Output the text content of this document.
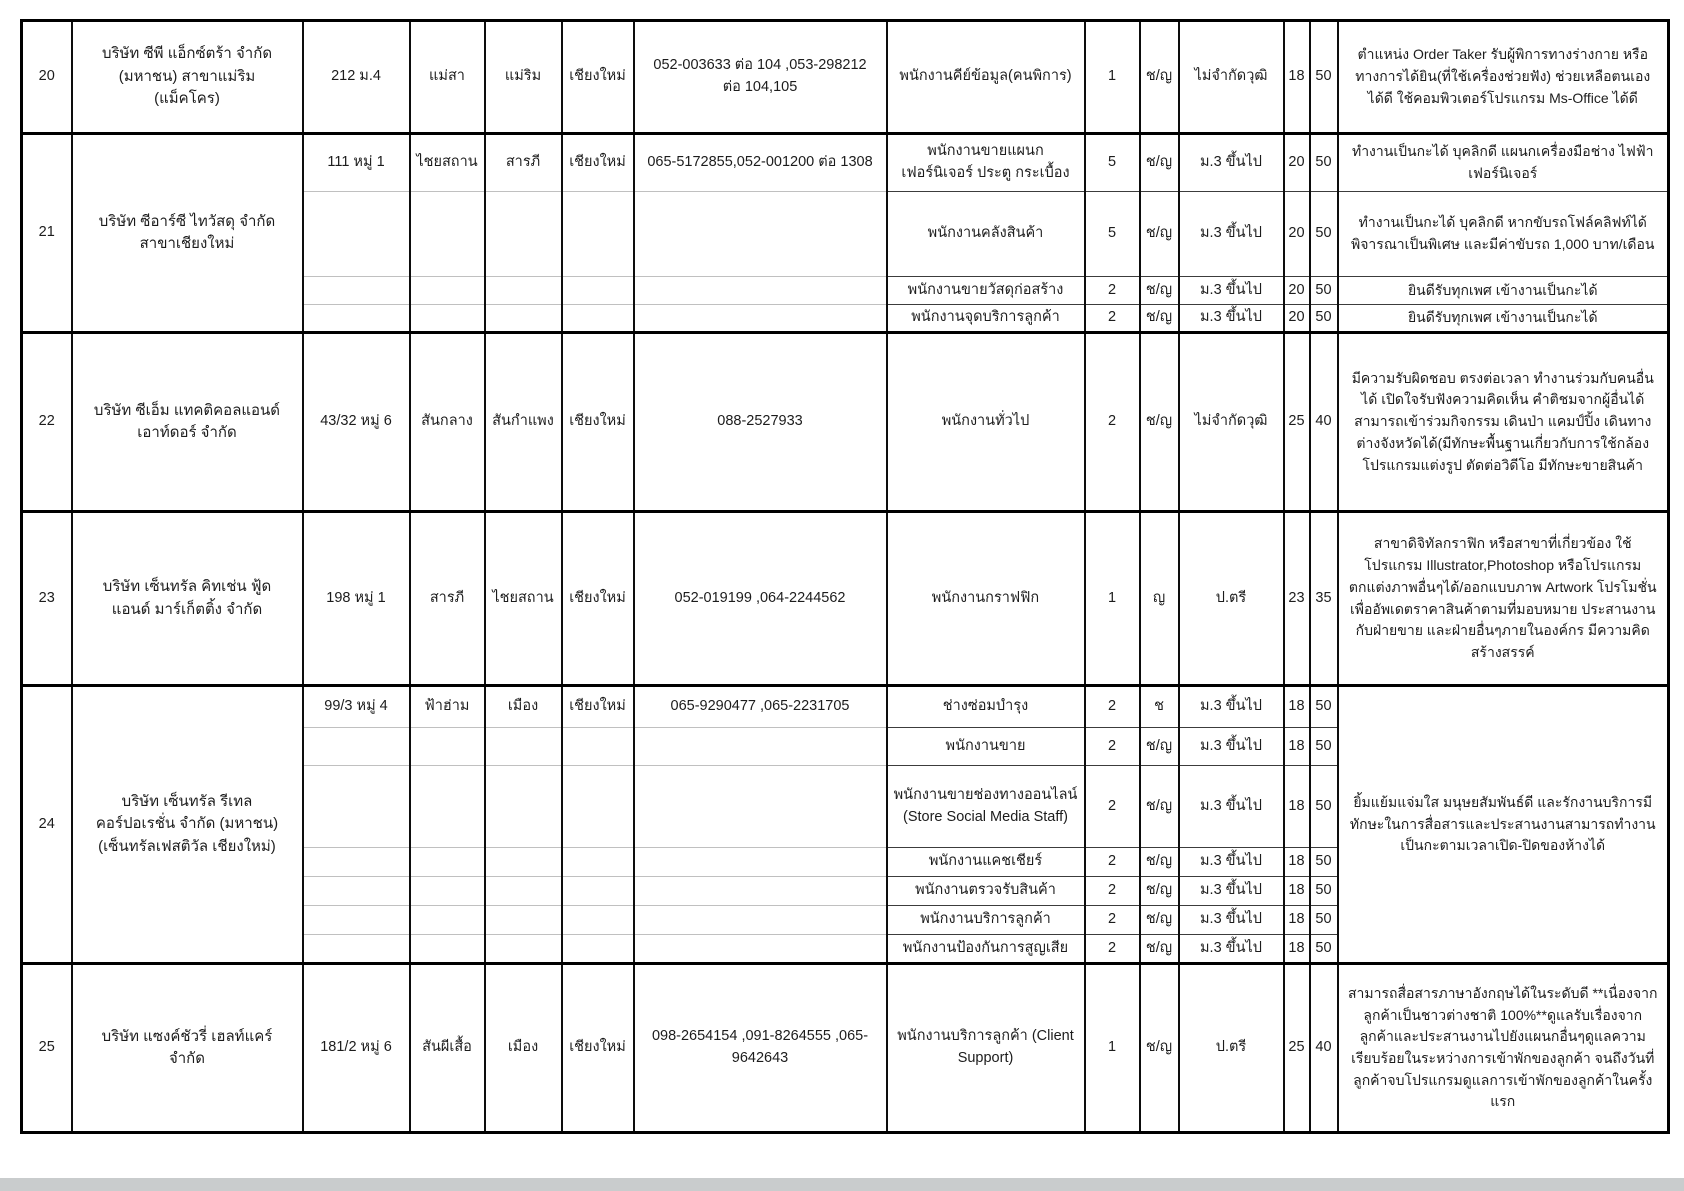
20	บริษัท ซีพี แอ็กซ์ตร้า จำกัด (มหาชน) สาขาแม่ริม (แม็คโคร)	212 ม.4	แม่สา	แม่ริม	เชียงใหม่	052-003633 ต่อ 104 ,053-298212 ต่อ 104,105	พนักงานคีย์ข้อมูล(คนพิการ)	1	ช/ญ	ไม่จำกัดวุฒิ	18	50	ตำแหน่ง Order Taker รับผู้พิการทางร่างกาย หรือทางการได้ยิน(ที่ใช้เครื่องช่วยฟัง) ช่วยเหลือตนเองได้ดี ใช้คอมพิวเตอร์โปรแกรม Ms-Office ได้ดี
21	บริษัท ซีอาร์ซี ไทวัสดุ จำกัด สาขาเชียงใหม่	111 หมู่ 1	ไชยสถาน	สารภี	เชียงใหม่	065-5172855,052-001200 ต่อ 1308	พนักงานขายแผนกเฟอร์นิเจอร์ ประตู กระเบื้อง	5	ช/ญ	ม.3 ขึ้นไป	20	50	ทำงานเป็นกะได้ บุคลิกดี แผนกเครื่องมือช่าง ไฟฟ้า เฟอร์นิเจอร์
							พนักงานคลังสินค้า	5	ช/ญ	ม.3 ขึ้นไป	20	50	ทำงานเป็นกะได้ บุคลิกดี หากขับรถโฟล์คลิฟท์ได้ พิจารณาเป็นพิเศษ และมีค่าขับรถ 1,000 บาท/เดือน
							พนักงานขายวัสดุก่อสร้าง	2	ช/ญ	ม.3 ขึ้นไป	20	50	ยินดีรับทุกเพศ เข้างานเป็นกะได้
							พนักงานจุดบริการลูกค้า	2	ช/ญ	ม.3 ขึ้นไป	20	50	ยินดีรับทุกเพศ เข้างานเป็นกะได้
22	บริษัท ซีเอ็ม แทคติคอลแอนด์เอาท์ดอร์ จำกัด	43/32 หมู่ 6	สันกลาง	สันกำแพง	เชียงใหม่	088-2527933	พนักงานทั่วไป	2	ช/ญ	ไม่จำกัดวุฒิ	25	40	มีความรับผิดชอบ ตรงต่อเวลา ทำงานร่วมกับคนอื่นได้ เปิดใจรับฟังความคิดเห็น คำติชมจากผู้อื่นได้ สามารถเข้าร่วมกิจกรรม เดินป่า แคมป์ปิ้ง เดินทางต่างจังหวัดได้(มีทักษะพื้นฐานเกี่ยวกับการใช้กล้อง โปรแกรมแต่งรูป ตัดต่อวิดีโอ มีทักษะขายสินค้า
23	บริษัท เซ็นทรัล คิทเช่น ฟู้ด แอนด์ มาร์เก็ตติ้ง จำกัด	198 หมู่ 1	สารภี	ไชยสถาน	เชียงใหม่	052-019199 ,064-2244562	พนักงานกราฟฟิก	1	ญ	ป.ตรี	23	35	สาขาดิจิทัลกราฟิก หรือสาขาที่เกี่ยวข้อง ใช้โปรแกรม Illustrator,Photoshop หรือโปรแกรมตกแต่งภาพอื่นๆได้/ออกแบบภาพ Artwork โปรโมชั่น เพื่ออัพเดตราคาสินค้าตามที่มอบหมาย ประสานงานกับฝ่ายขาย และฝ่ายอื่นๆภายในองค์กร มีความคิดสร้างสรรค์
24	บริษัท เซ็นทรัล รีเทล คอร์ปอเรชั่น จำกัด (มหาชน) (เซ็นทรัลเฟสติวัล เชียงใหม่)	99/3 หมู่ 4	ฟ้าฮ่าม	เมือง	เชียงใหม่	065-9290477 ,065-2231705	ช่างซ่อมบำรุง	2	ช	ม.3 ขึ้นไป	18	50	ยิ้มแย้มแจ่มใส มนุษยสัมพันธ์ดี และรักงานบริการมีทักษะในการสื่อสารและประสานงานสามารถทำงานเป็นกะตามเวลาเปิด-ปิดของห้างได้
							พนักงานขาย	2	ช/ญ	ม.3 ขึ้นไป	18	50	
							พนักงานขายช่องทางออนไลน์ (Store Social Media Staff)	2	ช/ญ	ม.3 ขึ้นไป	18	50	
							พนักงานแคชเชียร์	2	ช/ญ	ม.3 ขึ้นไป	18	50	
							พนักงานตรวจรับสินค้า	2	ช/ญ	ม.3 ขึ้นไป	18	50	
							พนักงานบริการลูกค้า	2	ช/ญ	ม.3 ขึ้นไป	18	50	
							พนักงานป้องกันการสูญเสีย	2	ช/ญ	ม.3 ขึ้นไป	18	50	
25	บริษัท แซงค์ชัวรี่ เฮลท์แคร์ จำกัด	181/2 หมู่ 6	สันผีเสื้อ	เมือง	เชียงใหม่	098-2654154 ,091-8264555 ,065-9642643	พนักงานบริการลูกค้า (Client Support)	1	ช/ญ	ป.ตรี	25	40	สามารถสื่อสารภาษาอังกฤษได้ในระดับดี **เนื่องจากลูกค้าเป็นชาวต่างชาติ 100%**ดูแลรับเรื่องจากลูกค้าและประสานงานไปยังแผนกอื่นๆดูแลความเรียบร้อยในระหว่างการเข้าพักของลูกค้า จนถึงวันที่ลูกค้าจบโปรแกรมดูแลการเข้าพักของลูกค้าในครั้งแรก
